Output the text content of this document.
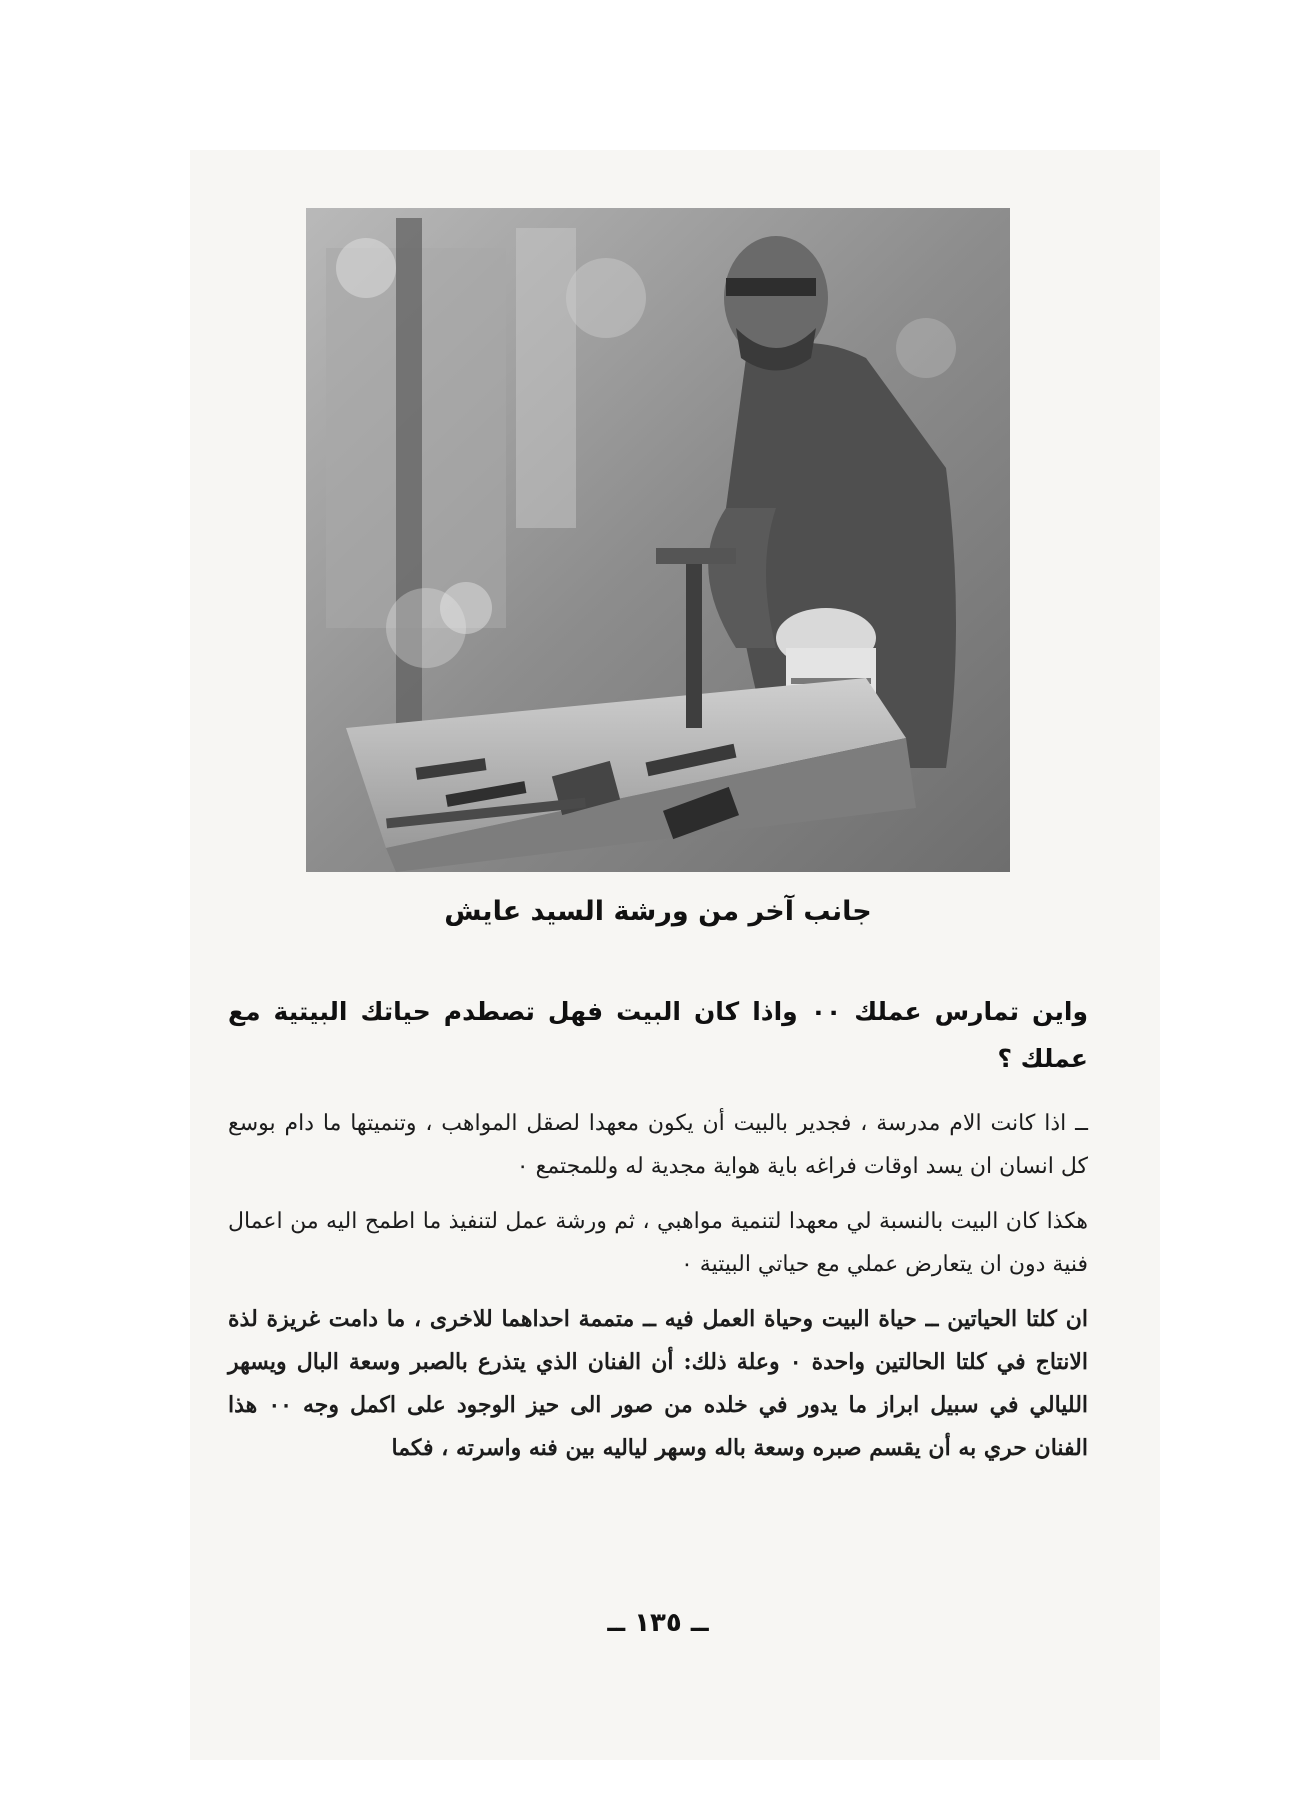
جانب آخر من ورشة السيد عايش

واين تمارس عملك ٠٠ واذا كان البيت فهل تصطدم حياتك البيتية مع عملك ؟

ــ اذا كانت الام مدرسة ، فجدير بالبيت أن يكون معهدا لصقل المواهب ، وتنميتها ما دام بوسع كل انسان ان يسد اوقات فراغه باية هواية مجدية له وللمجتمع ٠

هكذا كان البيت بالنسبة لي معهدا لتنمية مواهبي ، ثم ورشة عمل لتنفيذ ما اطمح اليه من اعمال فنية دون ان يتعارض عملي مع حياتي البيتية ٠

ان كلتا الحياتين ــ حياة البيت وحياة العمل فيه ــ متممة احداهما للاخرى ، ما دامت غريزة لذة الانتاج في كلتا الحالتين واحدة ٠ وعلة ذلك: أن الفنان الذي يتذرع بالصبر وسعة البال ويسهر الليالي في سبيل ابراز ما يدور في خلده من صور الى حيز الوجود على اكمل وجه ٠٠ هذا الفنان حري به أن يقسم صبره وسعة باله وسهر لياليه بين فنه واسرته ، فكما

ــ ١٣٥ ــ
